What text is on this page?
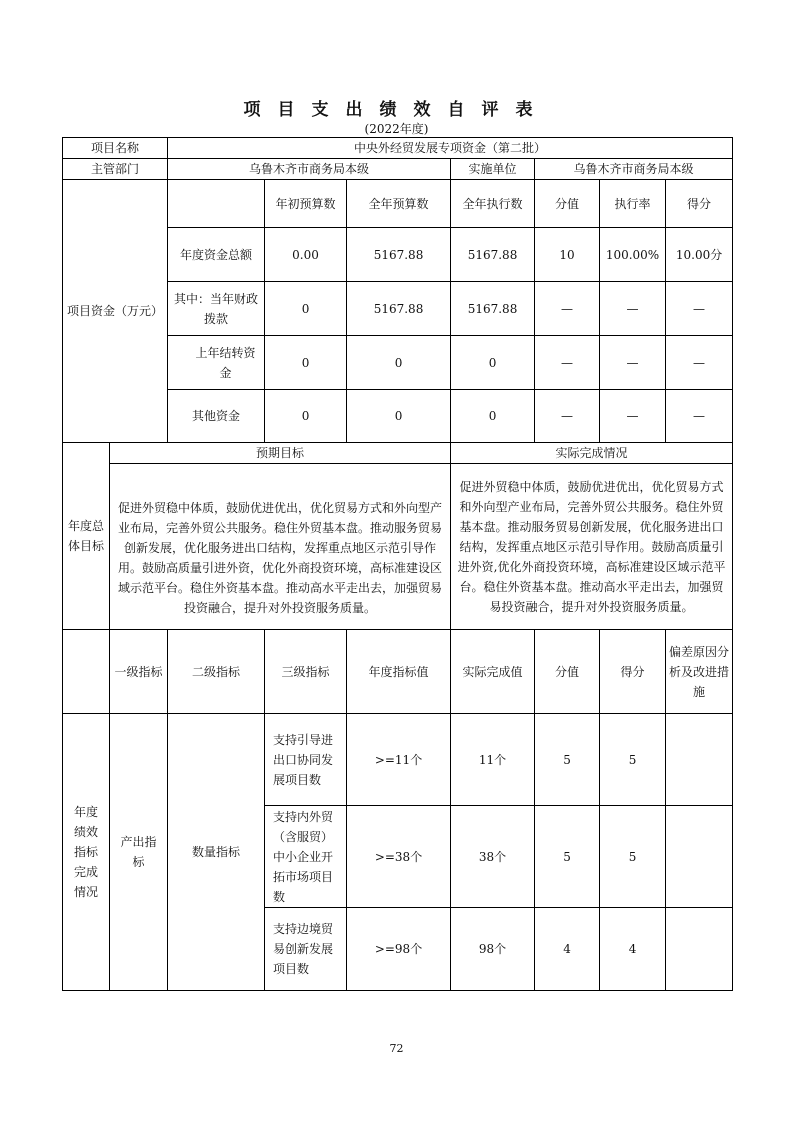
项目支出绩效自评表
(2022年度)
项目名称		中央外经贸发展专项资金（第二批）						
主管部门		乌鲁木齐市商务局本级			实施单位	乌鲁木齐市商务局本级		
项目资金（万元）			年初预算数	全年预算数	全年执行数	分值	执行率	得分
		年度资金总额	0.00	5167.88	5167.88	10	100.00%	10.00分
		其中：当年财政拨款	0	5167.88	5167.88	—	—	—
		上年结转资金	0	0	0	—	—	—
		其他资金	0	0	0	—	—	—
年度总体目标	预期目标				实际完成情况			
	促进外贸稳中体质，鼓励优进优出，优化贸易方式和外向型产业布局，完善外贸公共服务。稳住外贸基本盘。推动服务贸易创新发展，优化服务进出口结构，发挥重点地区示范引导作用。鼓励高质量引进外资，优化外商投资环境，高标准建设区域示范平台。稳住外资基本盘。推动高水平走出去，加强贸易投资融合，提升对外投资服务质量。				促进外贸稳中体质，鼓励优进优出，优化贸易方式和外向型产业布局，完善外贸公共服务。稳住外贸基本盘。推动服务贸易创新发展，优化服务进出口结构，发挥重点地区示范引导作用。鼓励高质量引进外资,优化外商投资环境，高标准建设区域示范平台。稳住外资基本盘。推动高水平走出去，加强贸易投资融合，提升对外投资服务质量。			
	一级指标	二级指标	三级指标	年度指标值	实际完成值	分值	得分	偏差原因分析及改进措施
年度绩效指标完成情况	产出指标	数量指标	支持引导进出口协同发展项目数	>=11个	11个	5	5	
			支持内外贸（含服贸）中小企业开拓市场项目数	>=38个	38个	5	5	
			支持边境贸易创新发展项目数	>=98个	98个	4	4	
72
